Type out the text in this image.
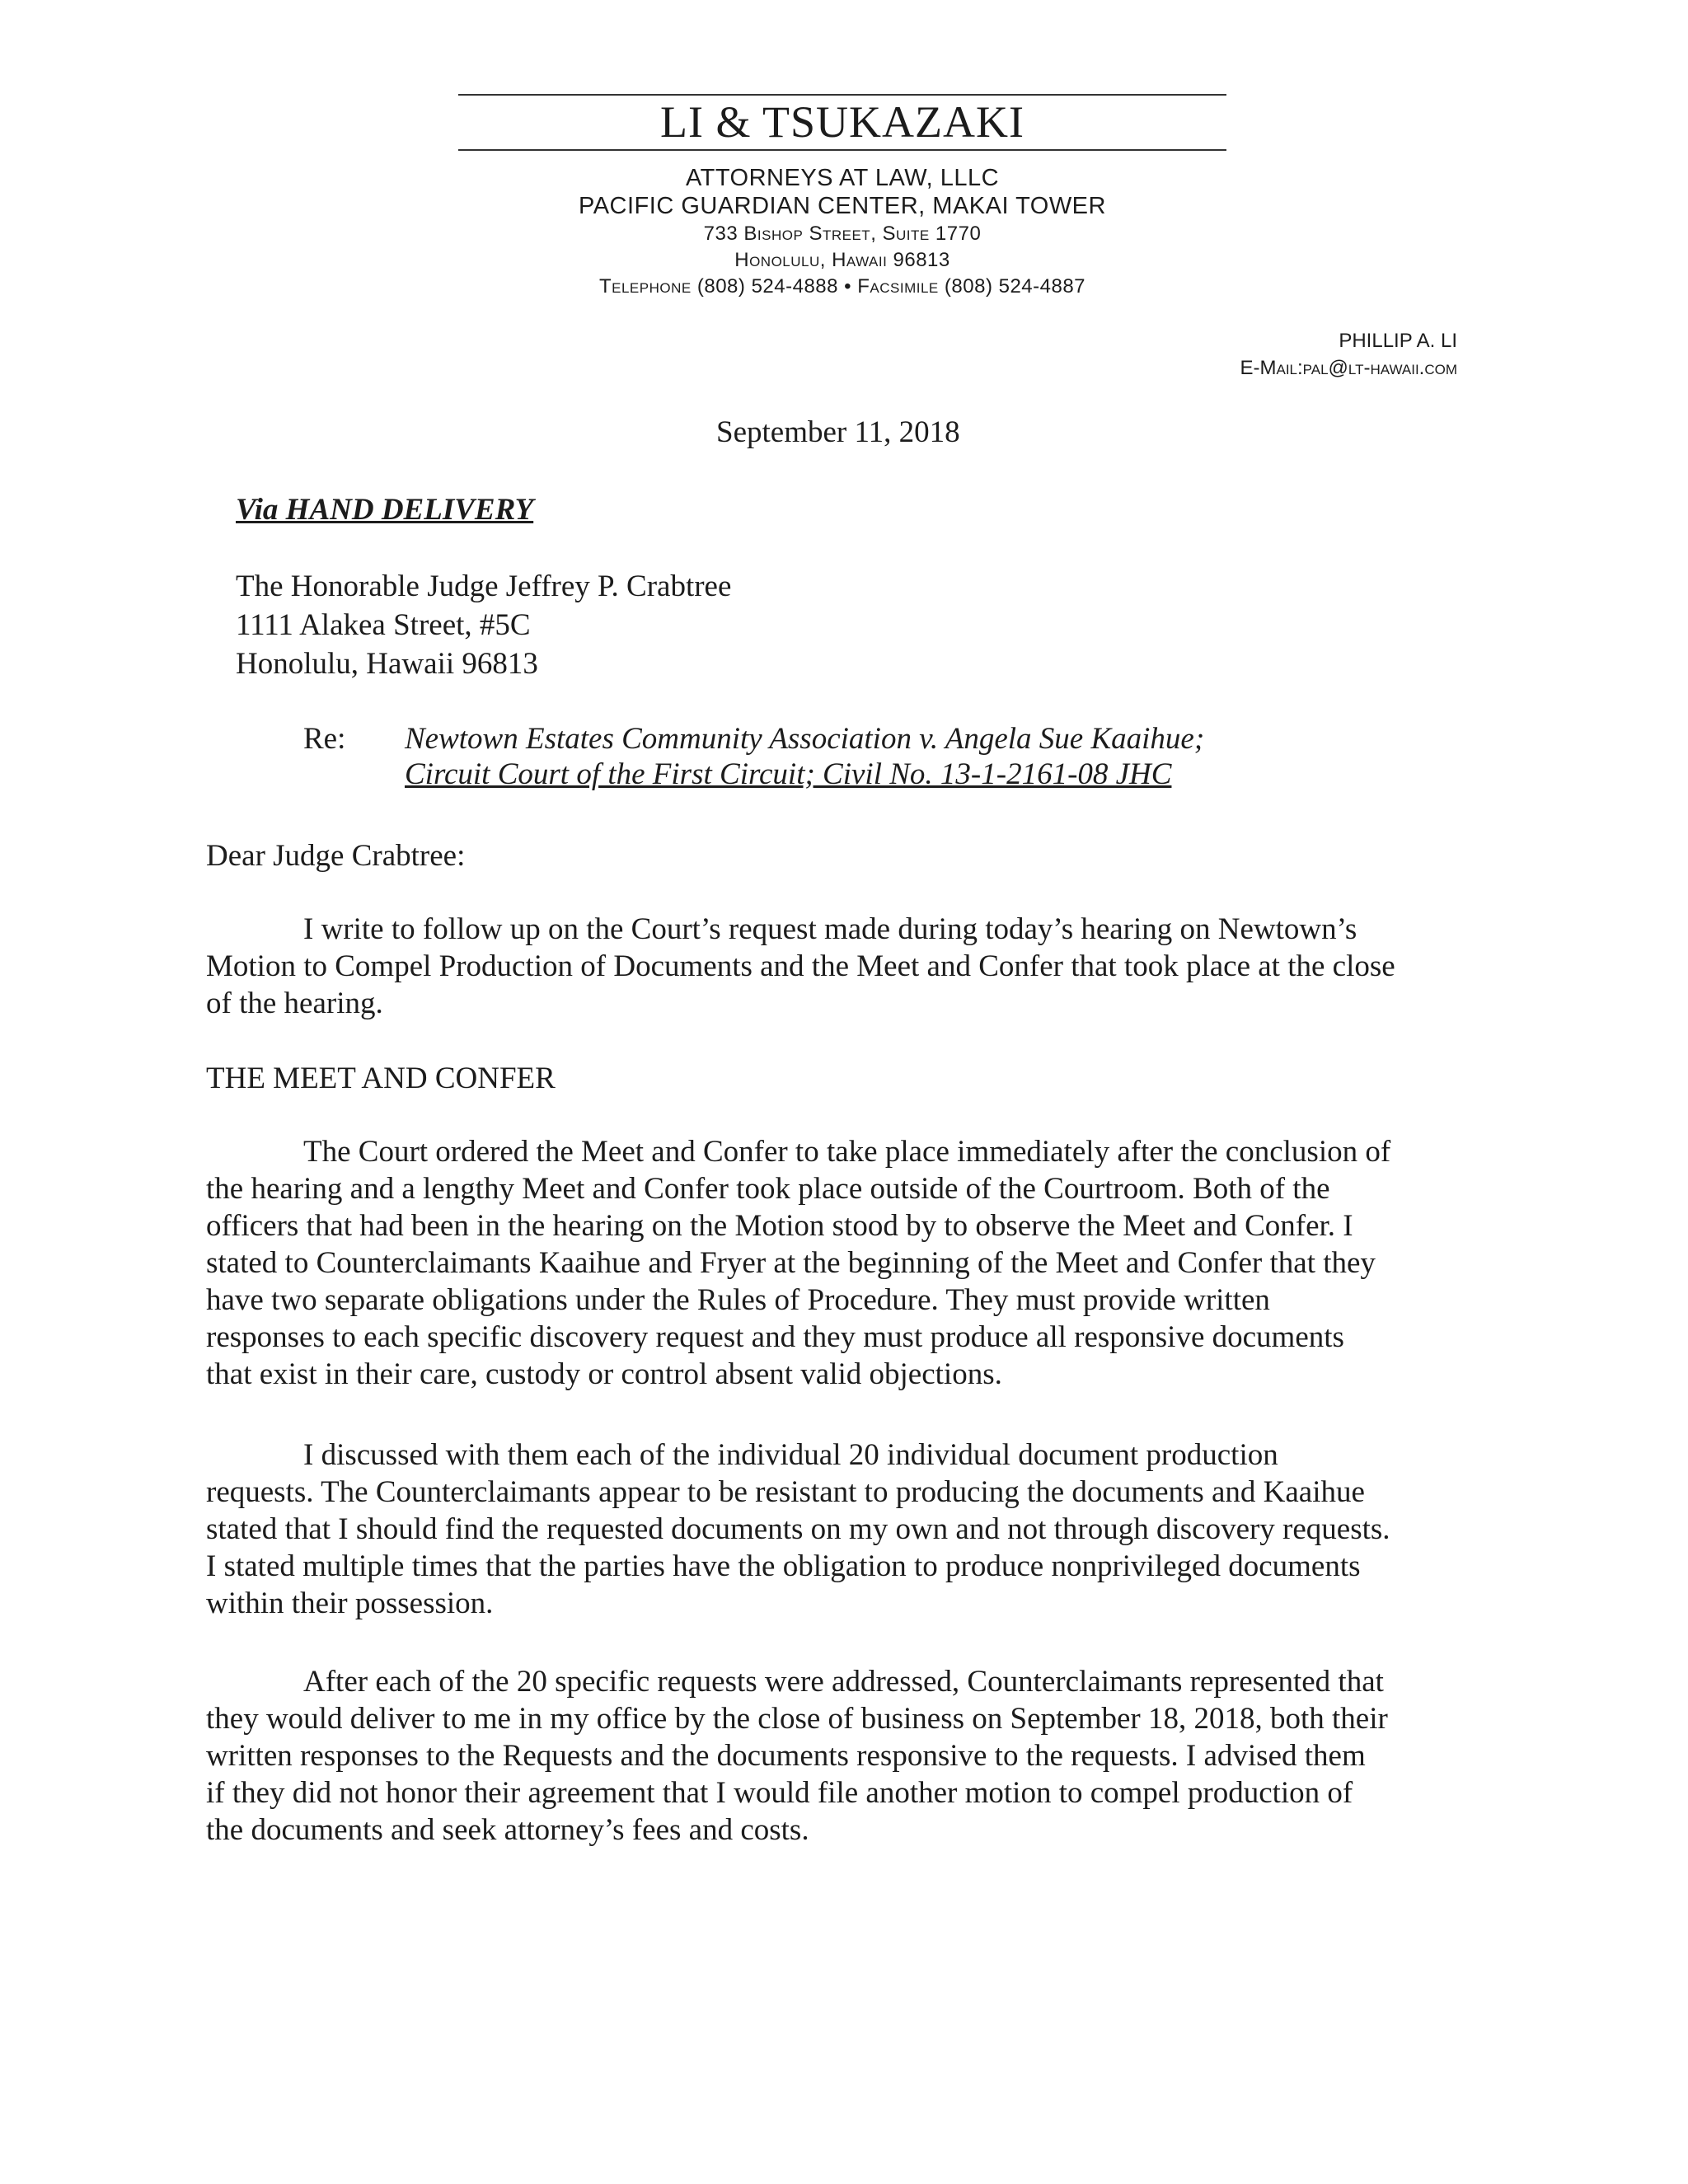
LI & TSUKAZAKI
ATTORNEYS AT LAW, LLLC
PACIFIC GUARDIAN CENTER, MAKAI TOWER
733 Bishop Street, Suite 1770
Honolulu, Hawaii 96813
Telephone (808) 524-4888 • Facsimile (808) 524-4887
PHILLIP A. LI
E-Mail:pal@lt-hawaii.com
September 11, 2018
Via HAND DELIVERY
The Honorable Judge Jeffrey P. Crabtree
1111 Alakea Street, #5C
Honolulu, Hawaii 96813
Re: Newtown Estates Community Association v. Angela Sue Kaaihue;
Circuit Court of the First Circuit; Civil No. 13-1-2161-08 JHC
Dear Judge Crabtree:
I write to follow up on the Court’s request made during today’s hearing on Newtown’s
Motion to Compel Production of Documents and the Meet and Confer that took place at the close
of the hearing.
THE MEET AND CONFER
The Court ordered the Meet and Confer to take place immediately after the conclusion of
the hearing and a lengthy Meet and Confer took place outside of the Courtroom. Both of the
officers that had been in the hearing on the Motion stood by to observe the Meet and Confer. I
stated to Counterclaimants Kaaihue and Fryer at the beginning of the Meet and Confer that they
have two separate obligations under the Rules of Procedure. They must provide written
responses to each specific discovery request and they must produce all responsive documents
that exist in their care, custody or control absent valid objections.
I discussed with them each of the individual 20 individual document production
requests. The Counterclaimants appear to be resistant to producing the documents and Kaaihue
stated that I should find the requested documents on my own and not through discovery requests.
I stated multiple times that the parties have the obligation to produce nonprivileged documents
within their possession.
After each of the 20 specific requests were addressed, Counterclaimants represented that
they would deliver to me in my office by the close of business on September 18, 2018, both their
written responses to the Requests and the documents responsive to the requests. I advised them
if they did not honor their agreement that I would file another motion to compel production of
the documents and seek attorney’s fees and costs.
